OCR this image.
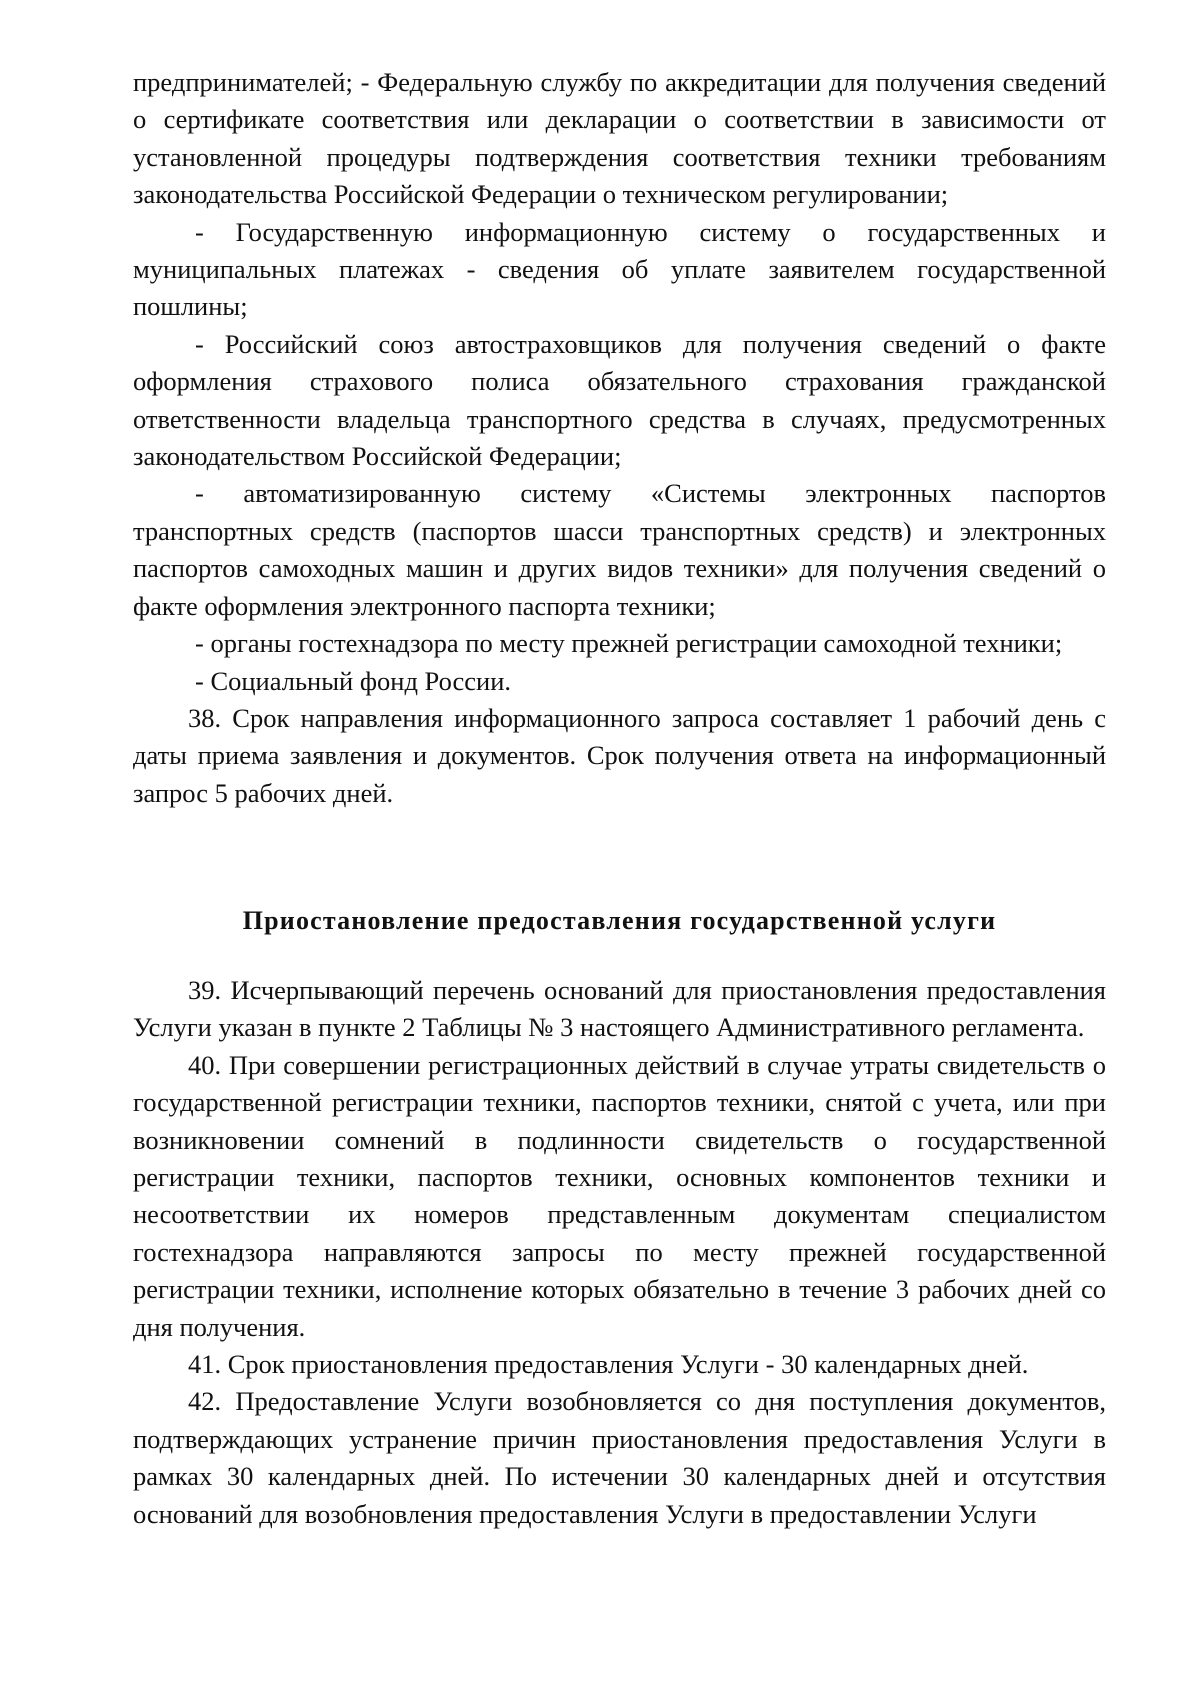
предпринимателей; - Федеральную службу по аккредитации для получения сведений о сертификате соответствия или декларации о соответствии в зависимости от установленной процедуры подтверждения соответствия техники требованиям законодательства Российской Федерации о техническом регулировании;

- Государственную информационную систему о государственных и муниципальных платежах - сведения об уплате заявителем государственной пошлины;

- Российский союз автостраховщиков для получения сведений о факте оформления страхового полиса обязательного страхования гражданской ответственности владельца транспортного средства в случаях, предусмотренных законодательством Российской Федерации;

- автоматизированную систему «Системы электронных паспортов транспортных средств (паспортов шасси транспортных средств) и электронных паспортов самоходных машин и других видов техники» для получения сведений о факте оформления электронного паспорта техники;

- органы гостехнадзора по месту прежней регистрации самоходной техники;

- Социальный фонд России.

38. Срок направления информационного запроса составляет 1 рабочий день с даты приема заявления и документов. Срок получения ответа на информационный запрос 5 рабочих дней.

Приостановление предоставления государственной услуги

39. Исчерпывающий перечень оснований для приостановления предоставления Услуги указан в пункте 2 Таблицы № 3 настоящего Административного регламента.

40. При совершении регистрационных действий в случае утраты свидетельств о государственной регистрации техники, паспортов техники, снятой с учета, или при возникновении сомнений в подлинности свидетельств о государственной регистрации техники, паспортов техники, основных компонентов техники и несоответствии их номеров представленным документам специалистом гостехнадзора направляются запросы по месту прежней государственной регистрации техники, исполнение которых обязательно в течение 3 рабочих дней со дня получения.

41. Срок приостановления предоставления Услуги - 30 календарных дней.

42. Предоставление Услуги возобновляется со дня поступления документов, подтверждающих устранение причин приостановления предоставления Услуги в рамках 30 календарных дней. По истечении 30 календарных дней и отсутствия оснований для возобновления предоставления Услуги в предоставлении Услуги
